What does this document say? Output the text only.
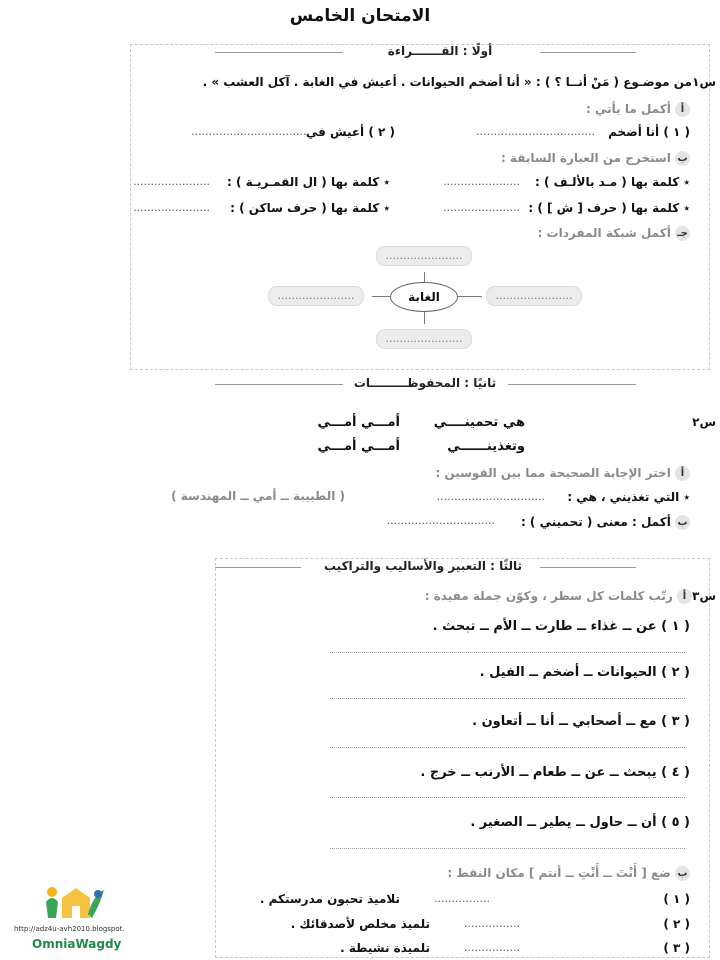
الامتحان الخامس
أولًا : القـــــــراءة
س١
من موضـوع ( مَنْ أنــا ؟ ) : « أنا أضخم الحيوانات . أعيش في الغابة . آكل العشب » .
أ أكمل ما يأتي :
( ١ ) أنا أضخم
..................................
( ٢ ) أعيش في
..................................
ب استخرج من العبارة السابقة :
٭ كلمة بها ( مـد بالألـف ) :
......................
٭ كلمة بها ( ال القمـريـة ) :
......................
٭ كلمة بها ( حرف [ ش ] ) :
......................
٭ كلمة بها ( حرف ساكن ) :
......................
جـ أكمل شبكة المفردات :
......................
......................	......................
......................
الغابة
ثانيًا : المحفوظـــــــــات
س٢
هي تحمينــــي
أمـــي أمـــي
وتغذينــــــي
أمـــي أمـــي
أ اختر الإجابة الصحيحة مما بين القوسين :
٭ التي تغذيني ، هي :
...............................
( الطبيبة ــ أمي ــ المهندسة )
ب أكمل : معنى ( تحميني ) :
...............................
ثالثًا : التعبير والأساليب والتراكيب
س٣
أ رتّب كلمات كل سطر ، وكوّن جملة مفيدة :
( ١ ) عن ــ غذاء ــ طارت ــ الأم ــ تبحث .
( ٢ ) الحيوانات ــ أضخم ــ الفيل .
( ٣ ) مع ــ أصحابي ــ أنا ــ أتعاون .
( ٤ ) يبحث ــ عن ــ طعام ــ الأرنب ــ خرج .
( ٥ ) أن ــ حاول ــ يطير ــ الصغير .
ب ضع [ أَنْتَ ــ أَنْتِ ــ أنتم ] مكان النقط :
( ١ )
................
تلاميذ تحبون مدرستكم .
( ٢ )
................
تلميذ مخلص لأصدقائك .
( ٣ )
................
تلميذة نشيطة .
http://adz4u-avh2010.blogspot.
OmniaWagdy
